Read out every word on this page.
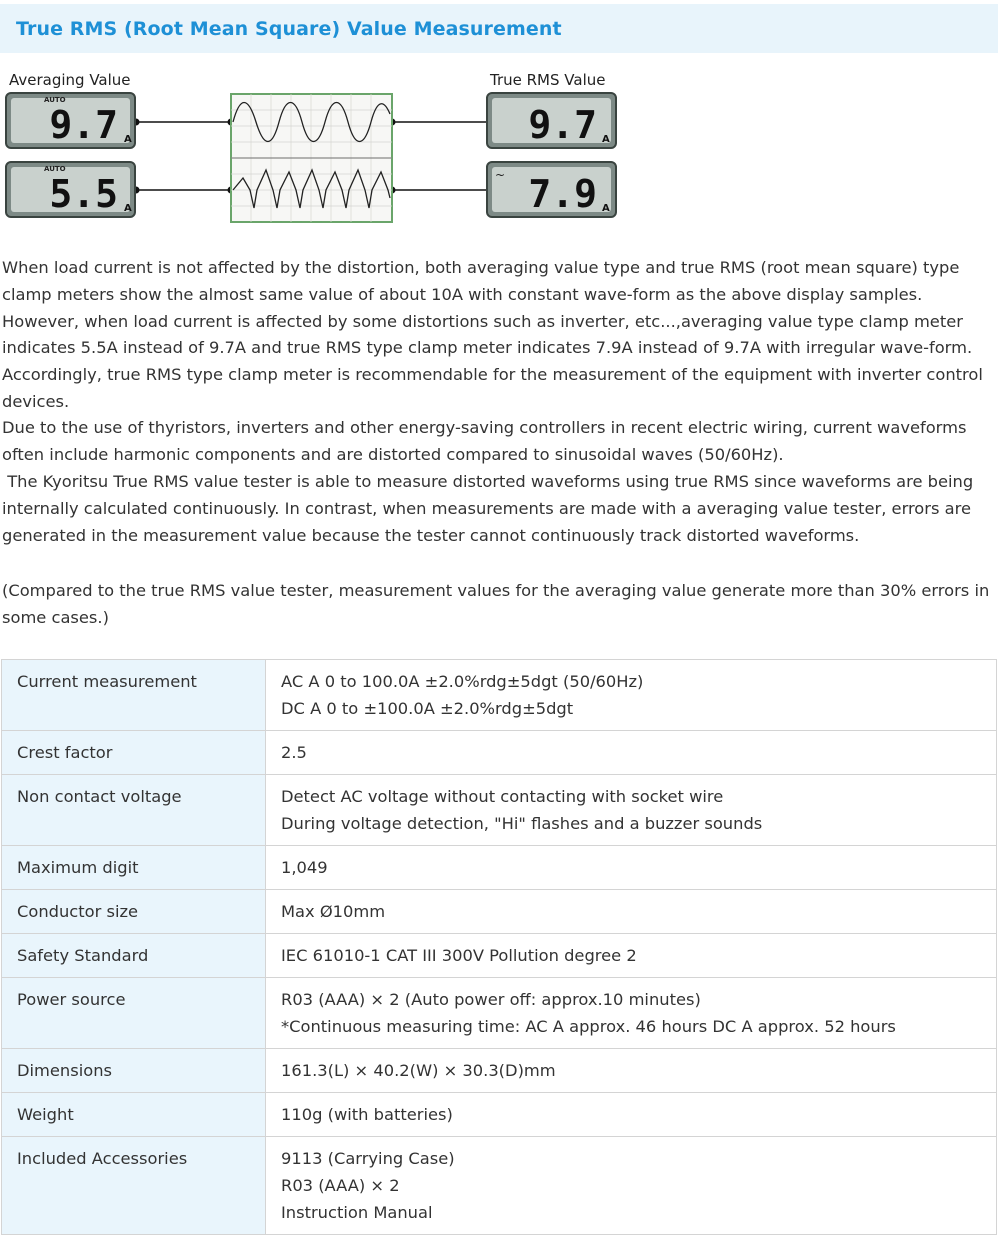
True RMS (Root Mean Square) Value Measurement
Averaging Value	True RMS Value
AUTO
9.7 A
AUTO
5.5 A
9.7 A
~ 7.9 A

When load current is not affected by the distortion, both averaging value type and true RMS (root mean square) type clamp meters show the almost same value of about 10A with constant wave-form as the above display samples. However, when load current is affected by some distortions such as inverter, etc...,averaging value type clamp meter indicates 5.5A instead of 9.7A and true RMS type clamp meter indicates 7.9A instead of 9.7A with irregular wave-form. Accordingly, true RMS type clamp meter is recommendable for the measurement of the equipment with inverter control devices.

Due to the use of thyristors, inverters and other energy-saving controllers in recent electric wiring, current waveforms often include harmonic components and are distorted compared to sinusoidal waves (50/60Hz).

The Kyoritsu True RMS value tester is able to measure distorted waveforms using true RMS since waveforms are being internally calculated continuously. In contrast, when measurements are made with a averaging value tester, errors are generated in the measurement value because the tester cannot continuously track distorted waveforms.

(Compared to the true RMS value tester, measurement values for the averaging value generate more than 30% errors in some cases.)

Current measurement	AC A 0 to 100.0A ±2.0%rdg±5dgt (50/60Hz)
DC A 0 to ±100.0A ±2.0%rdg±5dgt

Crest factor	2.5

Non contact voltage	Detect AC voltage without contacting with socket wire
During voltage detection, "Hi" flashes and a buzzer sounds

Maximum digit	1,049

Conductor size	Max Ø10mm

Safety Standard	IEC 61010-1 CAT III 300V Pollution degree 2

Power source	R03 (AAA) × 2 (Auto power off: approx.10 minutes)
*Continuous measuring time: AC A approx. 46 hours DC A approx. 52 hours

Dimensions	161.3(L) × 40.2(W) × 30.3(D)mm

Weight	110g (with batteries)

Included Accessories	9113 (Carrying Case)
R03 (AAA) × 2
Instruction Manual
